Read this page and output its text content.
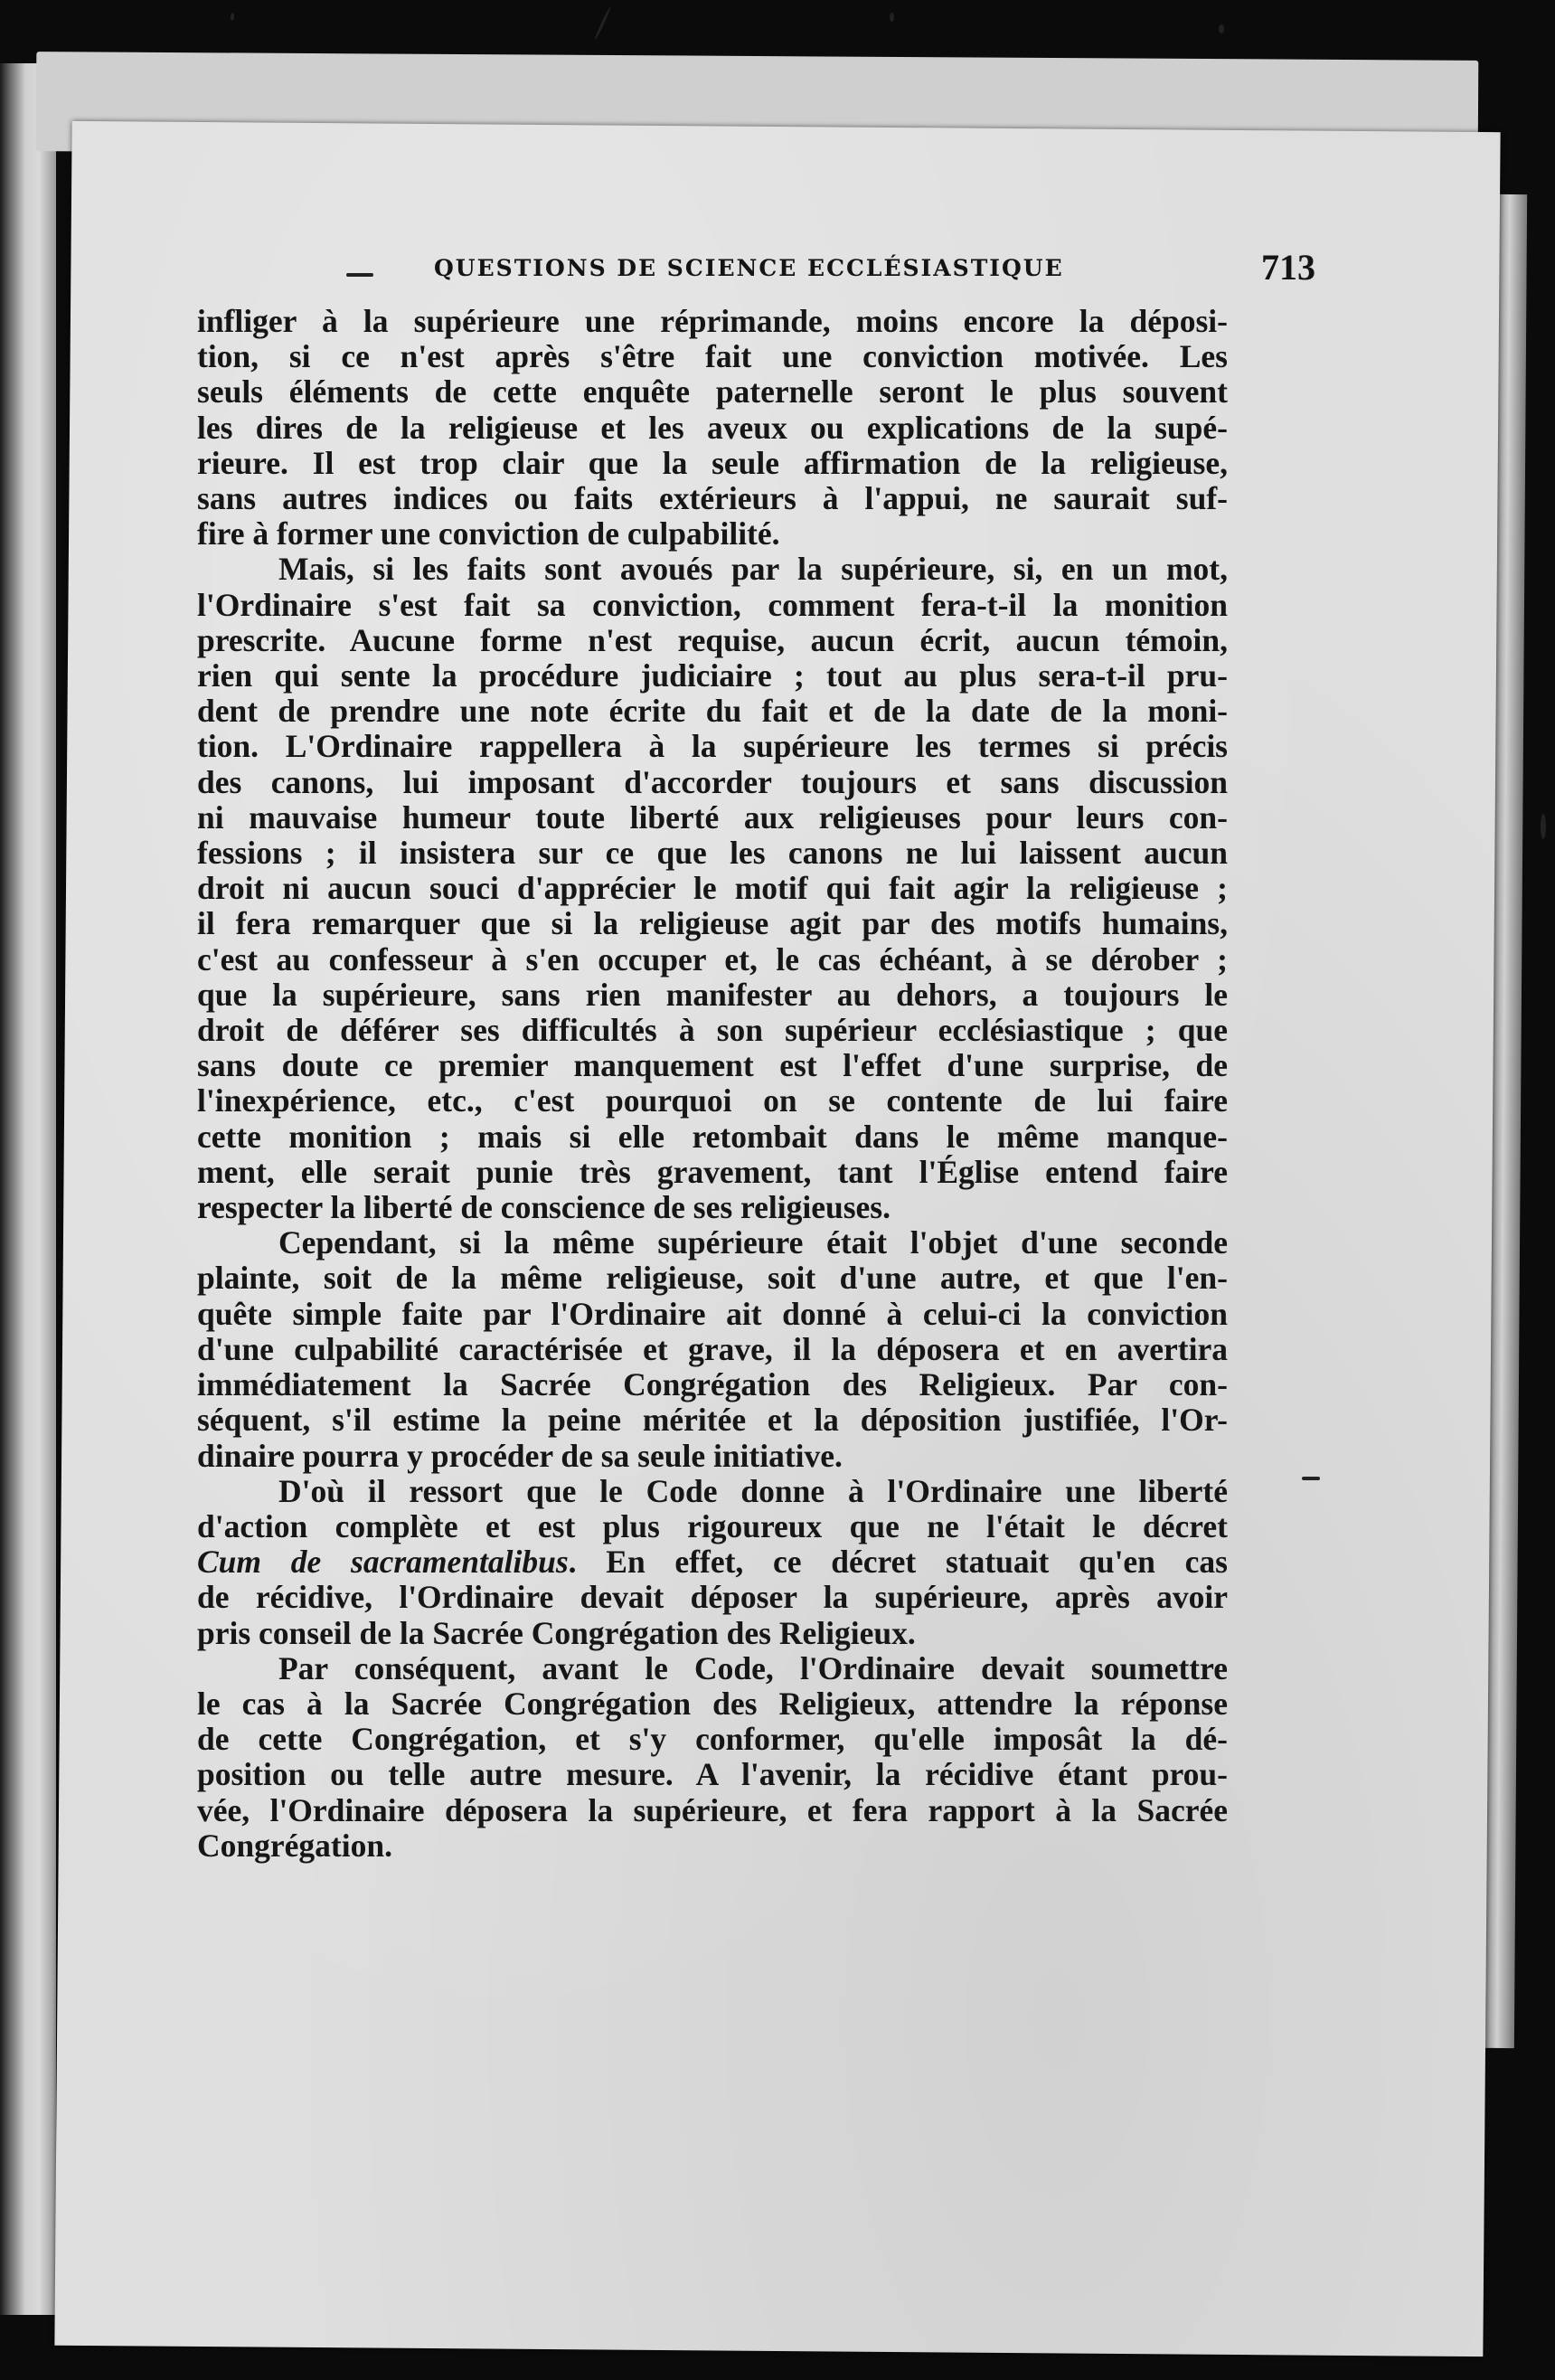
QUESTIONS DE SCIENCE ECCLÉSIASTIQUE	713
infliger à la supérieure une réprimande, moins encore la déposi-
tion, si ce n'est après s'être fait une conviction motivée. Les
seuls éléments de cette enquête paternelle seront le plus souvent
les dires de la religieuse et les aveux ou explications de la supé-
rieure. Il est trop clair que la seule affirmation de la religieuse,
sans autres indices ou faits extérieurs à l'appui, ne saurait suf-
fire à former une conviction de culpabilité.
Mais, si les faits sont avoués par la supérieure, si, en un mot,
l'Ordinaire s'est fait sa conviction, comment fera-t-il la monition
prescrite. Aucune forme n'est requise, aucun écrit, aucun témoin,
rien qui sente la procédure judiciaire ; tout au plus sera-t-il pru-
dent de prendre une note écrite du fait et de la date de la moni-
tion. L'Ordinaire rappellera à la supérieure les termes si précis
des canons, lui imposant d'accorder toujours et sans discussion
ni mauvaise humeur toute liberté aux religieuses pour leurs con-
fessions ; il insistera sur ce que les canons ne lui laissent aucun
droit ni aucun souci d'apprécier le motif qui fait agir la religieuse ;
il fera remarquer que si la religieuse agit par des motifs humains,
c'est au confesseur à s'en occuper et, le cas échéant, à se dérober ;
que la supérieure, sans rien manifester au dehors, a toujours le
droit de déférer ses difficultés à son supérieur ecclésiastique ; que
sans doute ce premier manquement est l'effet d'une surprise, de
l'inexpérience, etc., c'est pourquoi on se contente de lui faire
cette monition ; mais si elle retombait dans le même manque-
ment, elle serait punie très gravement, tant l'Église entend faire
respecter la liberté de conscience de ses religieuses.
Cependant, si la même supérieure était l'objet d'une seconde
plainte, soit de la même religieuse, soit d'une autre, et que l'en-
quête simple faite par l'Ordinaire ait donné à celui-ci la conviction
d'une culpabilité caractérisée et grave, il la déposera et en avertira
immédiatement la Sacrée Congrégation des Religieux. Par con-
séquent, s'il estime la peine méritée et la déposition justifiée, l'Or-
dinaire pourra y procéder de sa seule initiative.
D'où il ressort que le Code donne à l'Ordinaire une liberté
d'action complète et est plus rigoureux que ne l'était le décret
Cum de sacramentalibus. En effet, ce décret statuait qu'en cas
de récidive, l'Ordinaire devait déposer la supérieure, après avoir
pris conseil de la Sacrée Congrégation des Religieux.
Par conséquent, avant le Code, l'Ordinaire devait soumettre
le cas à la Sacrée Congrégation des Religieux, attendre la réponse
de cette Congrégation, et s'y conformer, qu'elle imposât la dé-
position ou telle autre mesure. A l'avenir, la récidive étant prou-
vée, l'Ordinaire déposera la supérieure, et fera rapport à la Sacrée
Congrégation.
